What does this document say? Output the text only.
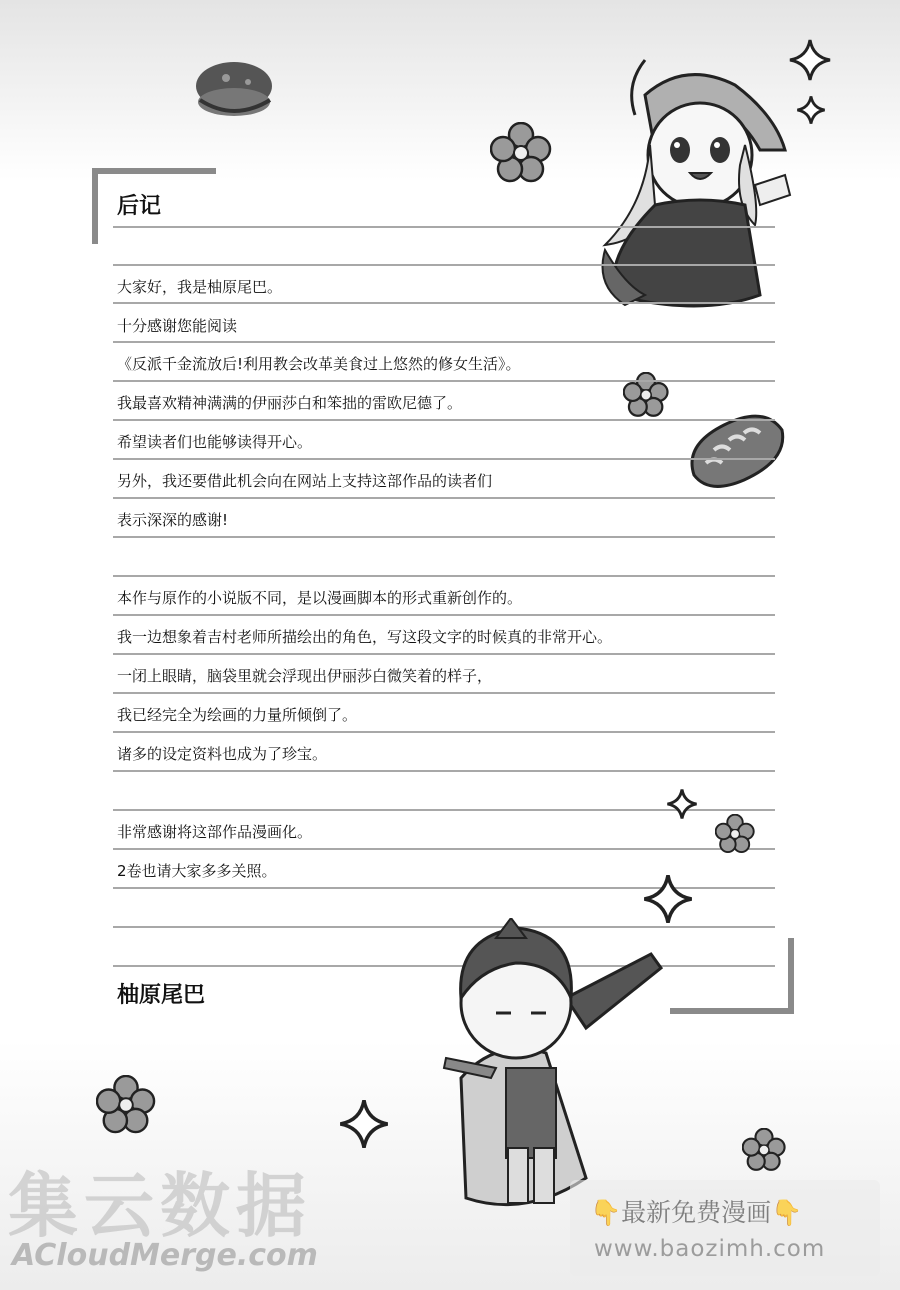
后记
大家好，我是柚原尾巴。
十分感谢您能阅读
《反派千金流放后!利用教会改革美食过上悠然的修女生活》。
我最喜欢精神满满的伊丽莎白和笨拙的雷欧尼德了。
希望读者们也能够读得开心。
另外，我还要借此机会向在网站上支持这部作品的读者们
表示深深的感谢!
本作与原作的小说版不同，是以漫画脚本的形式重新创作的。
我一边想象着吉村老师所描绘出的角色，写这段文字的时候真的非常开心。
一闭上眼睛，脑袋里就会浮现出伊丽莎白微笑着的样子，
我已经完全为绘画的力量所倾倒了。
诸多的设定资料也成为了珍宝。
非常感谢将这部作品漫画化。
2卷也请大家多多关照。
柚原尾巴
集云数据
ACloudMerge.com
👇最新免费漫画👇
www.baozimh.com
